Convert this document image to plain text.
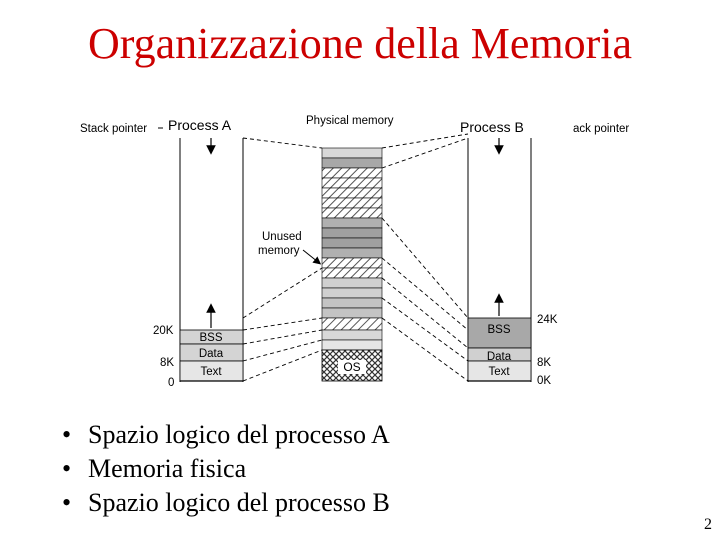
Organizzazione della Memoria
Stack pointer Process A
BSS
Data
Text
20K
8K
0
OS
Physical memory
Unused memory
Process B	ack pointer
BSS
Data
Text
24K
8K
0K
• Spazio logico del processo A
• Memoria fisica
• Spazio logico del processo B
2
